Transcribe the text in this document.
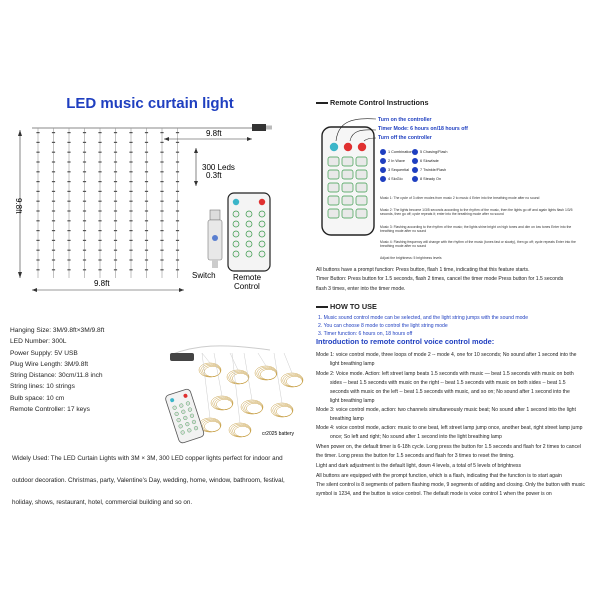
LED music curtain light
0.3ft
300 Leds
9.8ft
9.8ft
9.8ft
Switch Remote
Control
Hanging Size: 3M/9.8ft×3M/9.8ft
LED Number: 300L
Power Supply: 5V USB
Plug Wire Length: 3M/9.8ft
String Distance: 30cm/11.8 inch
String lines: 10 strings
Bulb space: 10 cm
Remote Controller: 17 keys
cr2025 battery
Widely Used: The LED Curtain Lights with 3M × 3M, 300 LED copper lights perfect for indoor and
outdoor decoration. Christmas, party, Valentine's Day, wedding, home, window, bathroom, festival,
holiday, shows, restaurant, hotel, commercial building and so on.
Remote Control Instructions
Turn on the controller
Timer Mode: 6 hours on/18 hours off
Turn off the controller
1 Combination	5 Chasing/Flash
2 In Wave	6 Slowfade
3 Sequential	7 Twinkle/Flash
4 SloGlo	8 Steady On
Music 1: The cycle of 3 other modes from music 2 to music 4 Enter into the breathing mode after no sound
Music 2: The lights become 1/3/5 seconds according to the rhythm of the music, then the lights go off and again lights flash 1/3/5 seconds, then go off; cycle repeats it; enter into the breathing mode after no sound
Music 3: Flashing according to the rhythm of the music; the lights shine bright on high tones and dim on low tones Enter into the breathing mode after no sound
Music 4: Flashing frequency will change with the rhythm of the music (tones fast or slowly), then go off; cycle repeats Enter into the breathing mode after no sound
Adjust the brightness: 5 brightness levels
All buttons have a prompt function: Press button, flash 1 time, indicating that this feature starts.
Timer Button: Press button for 1.5 seconds, flash 2 times, cancel the timer mode Press button for 1.5 seconds
flash 3 times, enter into the timer mode.
HOW TO USE
1. Music sound control mode can be selected, and the light string jumps with the sound mode
2. You can choose 8 mode to control the light string mode
3. Timer function: 6 hours on, 18 hours off
Introduction to remote control voice control mode:
Mode 1: voice control mode, three loops of mode 2 -- mode 4, one for 10 seconds; No sound after 1 second into the
light breathing lamp
Mode 2: Voice mode. Action: left street lamp beats 1.5 seconds with music — beat 1.5 seconds with music on both
sides -- beat 1.5 seconds with music on the right -- beat 1.5 seconds with music on both sides -- beat 1.5
seconds with music on the left -- beat 1.5 seconds with music, and so on; No sound after 1 second into the
light breathing lamp
Mode 3: voice control mode, action: two channels simultaneously music beat; No sound after 1 second into the light
breathing lamp
Mode 4: voice control mode, action: music to one beat, left street lamp jump once, another beat, right street lamp jump
once; So left and right; No sound after 1 second into the light breathing lamp
When power on, the default timer is 6-18h cycle. Long press the button for 1.5 seconds and flash for 2 times to cancel
the timer. Long press the button for 1.5 seconds and flash for 3 times to reset the timing.
Light and dark adjustment is the default light, down 4 levels, a total of 5 levels of brightness
All buttons are equipped with the prompt function, which is a flash, indicating that the function is to start again
The silent control is 8 segments of pattern flashing mode, 9 segments of adding and closing. Only the button with music
symbol is 1234, and the button is voice control. The default mode is voice control 1 when the power is on
